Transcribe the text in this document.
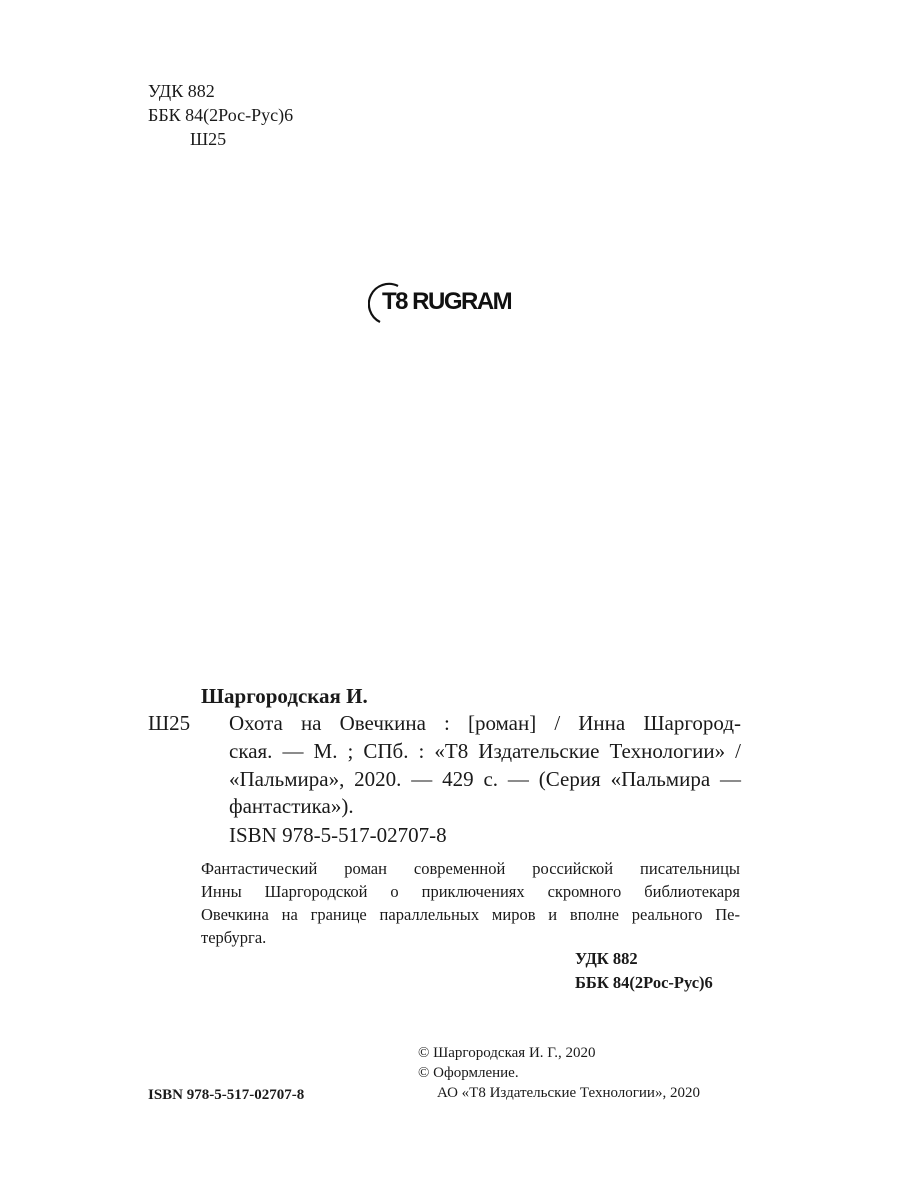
УДК 882
ББК 84(2Рос-Рус)6
Ш25
T8 RUGRAM
Шаргородская И.
Ш25 Охота на Овечкина : [роман] / Инна Шаргород-
ская. — М. ; СПб. : «Т8 Издательские Технологии» /
«Пальмира», 2020. — 429 с. — (Серия «Пальмира —
фантастика»).
ISBN 978-5-517-02707-8
Фантастический роман современной российской писательницы
Инны Шаргородской о приключениях скромного библиотекаря
Овечкина на границе параллельных миров и вполне реального Пе-
тербурга.
УДК 882
ББК 84(2Рос-Рус)6
© Шаргородская И. Г., 2020
© Оформление.
АО «Т8 Издательские Технологии», 2020
ISBN 978-5-517-02707-8
